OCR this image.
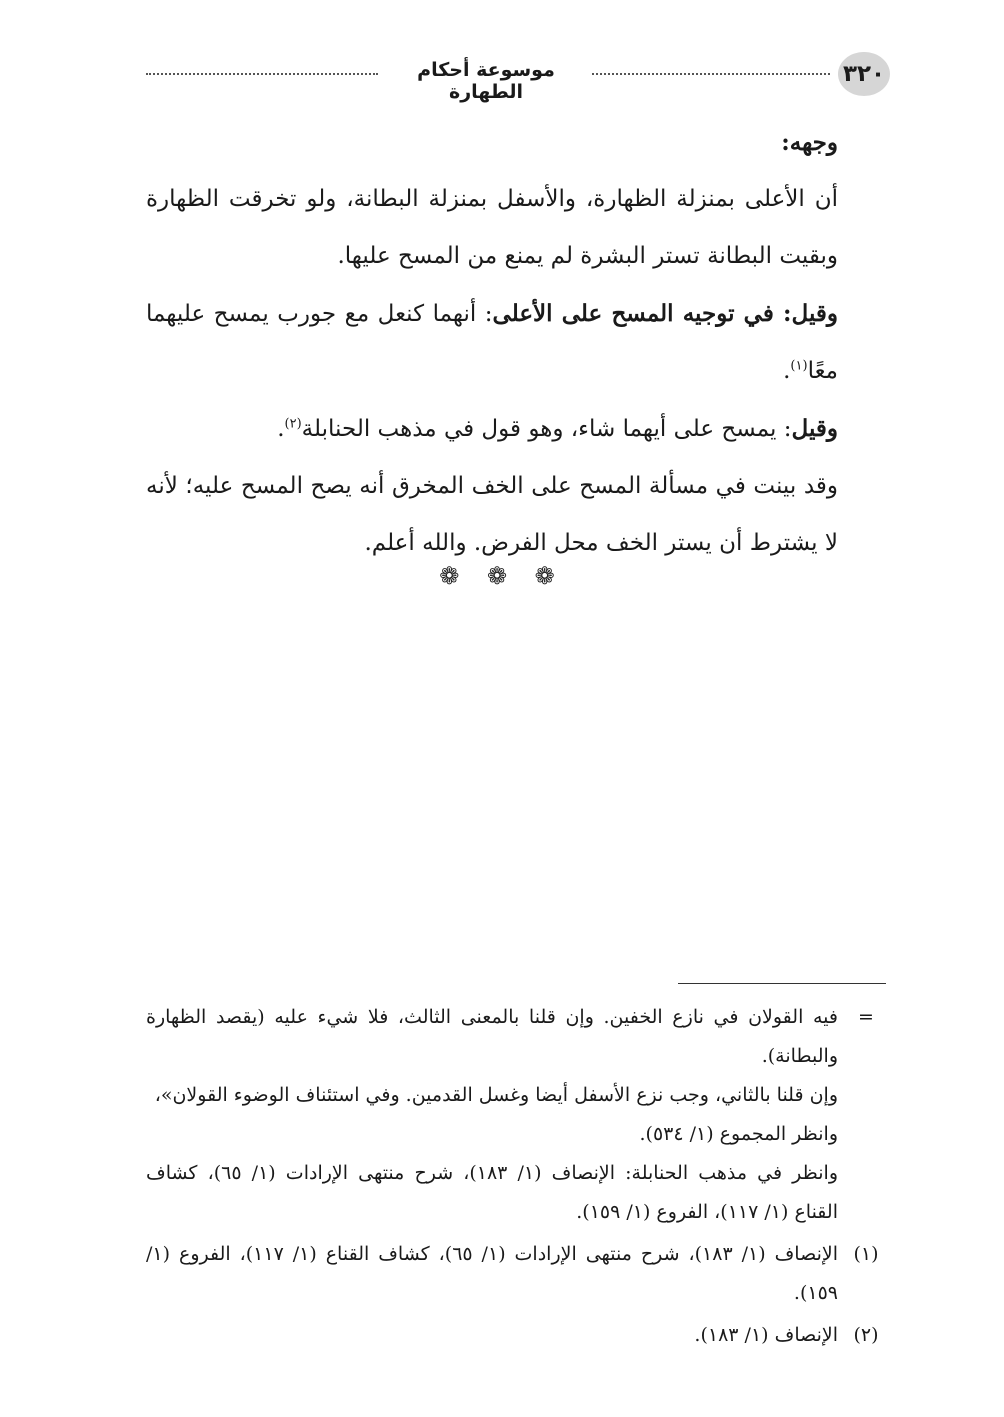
٣٢٠
موسوعة أحكام الطهارة

وجهه:

أن الأعلى بمنزلة الظهارة، والأسفل بمنزلة البطانة، ولو تخرقت الظهارة وبقيت البطانة تستر البشرة لم يمنع من المسح عليها.

وقيل: في توجيه المسح على الأعلى: أنهما كنعل مع جورب يمسح عليهما معًا$^{(١)}$.

وقيل: يمسح على أيهما شاء، وهو قول في مذهب الحنابلة$^{(٢)}$.

وقد بينت في مسألة المسح على الخف المخرق أنه يصح المسح عليه؛ لأنه لا يشترط أن يستر الخف محل الفرض. والله أعلم.

❁ ❁ ❁
=

فيه القولان في نازع الخفين. وإن قلنا بالمعنى الثالث، فلا شيء عليه (يقصد الظهارة والبطانة).

وإن قلنا بالثاني، وجب نزع الأسفل أيضا وغسل القدمين. وفي استئناف الوضوء القولان»،

وانظر المجموع (١/ ٥٣٤).

وانظر في مذهب الحنابلة: الإنصاف (١/ ١٨٣)، شرح منتهى الإرادات (١/ ٦٥)، كشاف القناع (١/ ١١٧)، الفروع (١/ ١٥٩).

(١)

الإنصاف (١/ ١٨٣)، شرح منتهى الإرادات (١/ ٦٥)، كشاف القناع (١/ ١١٧)، الفروع (١/ ١٥٩).

(٢)

الإنصاف (١/ ١٨٣).
